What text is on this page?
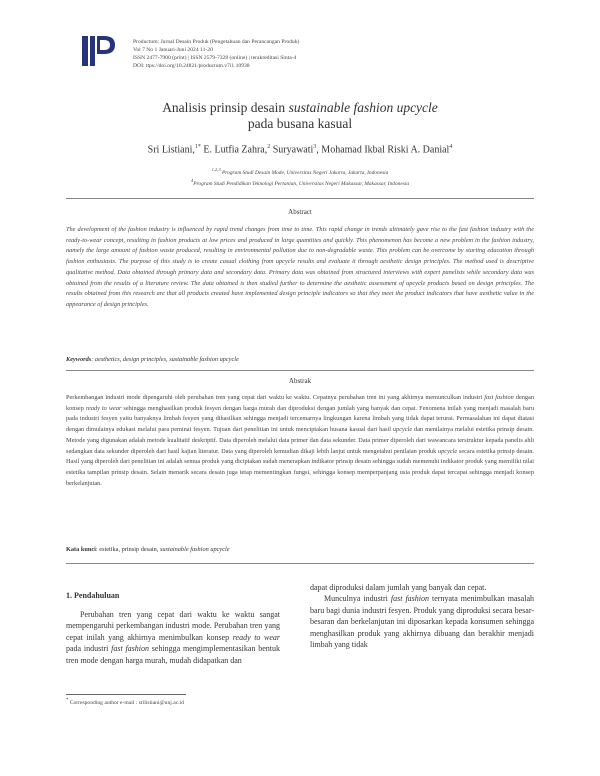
Productum: Jurnal Desain Produk (Pengetahuan dan Perancangan Produk)
Vol 7 No 1 Januari-Juni 2024 11-20
ISSN 2477-7900 (print) | ISSN 2579-7328 (online) | terakreditasi Sinta-4
DOI: ttps://doi.org/10.24821/productum.v7i1.10938
Analisis prinsip desain sustainable fashion upcycle
pada busana kasual
Sri Listiani,$^{1*}$ E. Lutfia Zahra,$^2$ Suryawati$^3$, Mohamad Ikbal Riski A. Danial$^4$
$^{1,2,3}$ Program Studi Desain Mode, Universitas Negeri Jakarta, Jakarta, Indonesia
$^4$Program Studi Pendidikan Teknologi Pertanian, Universitas Negeri Makassar, Makassar, Indonesia
Abstract

The development of the fashion industry is influenced by rapid trend changes from time to time. This rapid change in trends ultimately gave rise to the fast fashion industry with the ready-to-wear concept, resulting in fashion products at low prices and produced in large quantities and quickly. This phenomenon has become a new problem in the fashion industry, namely the large amount of fashion waste produced, resulting in environmental pollution due to non-degradable waste. This problem can be overcome by starting education through fashion enthusiasts. The purpose of this study is to create casual clothing from upcycle results and evaluate it through aesthetic design principles. The method used is descriptive qualitative method. Data obtained through primary data and secondary data. Primary data was obtained from structured interviews with expert panelists while secondary data was obtained from the results of a literature review. The data obtained is then studied further to determine the aesthetic assessment of upcycle products based on design principles. The results obtained from this research are that all products created have implemented design principle indicators so that they meet the product indicators that have aesthetic value in the appearance of design principles.

Keywords: aesthetics, design principles, sustainable fashion upcycle
Abstrak

Perkembangan industri mode dipengaruhi oleh perubahan tren yang cepat dari waktu ke waktu. Cepatnya perubahan tren ini yang akhirnya memunculkan industri fast fashion dengan konsep ready to wear sehingga menghasilkan produk fesyen dengan harga murah dan diproduksi dengan jumlah yang banyak dan cepat. Fenomena inilah yang menjadi masalah baru pada industri fesyen yaitu banyaknya limbah fesyen yang dihasilkan sehingga menjadi tercemarnya lingkungan karena limbah yang tidak dapat terurai. Permasalahan ini dapat diatasi dengan dimulainya edukasi melalui para peminat fesyen. Tujuan dari penelitian ini untuk menciptakan busana kasual dari hasil upcycle dan menilainya melalui estetika prinsip desain. Metode yang digunakan adalah metode kualitatif deskriptif. Data diperoleh melalui data primer dan data sekunder. Data primer diperoleh dari wawancara terstruktur kepada panelis ahli sedangkan data sekunder diperoleh dari hasil kajian literatur. Data yang diperoleh kemudian dikaji lebih lanjut untuk mengetahui penilaian produk upcycle secara estetika prinsip desain. Hasil yang diperoleh dari penelitian ini adalah semua produk yang diciptakan sudah menerapkan indikator prinsip desain sehingga sudah memenuhi indikator produk yang memiliki nilai estetika tampilan prinsip desain. Selain menarik secara desain juga tetap mementingkan fungsi, sehingga konsep memperpanjang usia produk dapat tercapai sehingga menjadi konsep berkelanjutan.

Kata kunci: estetika, prinsip desain, sustainable fashion upcycle
1. Pendahuluan

Perubahan tren yang cepat dari waktu ke waktu sangat mempengaruhi perkembangan industri mode. Perubahan tren yang cepat inilah yang akhirnya menimbulkan konsep ready to wear pada industri fast fashion sehingga mengimplementasikan bentuk tren mode dengan harga murah, mudah didapatkan dan

dapat diproduksi dalam jumlah yang banyak dan cepat.

Munculnya industri fast fashion ternyata menimbulkan masalah baru bagi dunia industri fesyen. Produk yang diproduksi secara besar-besaran dan berkelanjutan ini diposarkan kepada konsumen sehingga menghasilkan produk yang akhirnya dibuang dan berakhir menjadi limbah yang tidak

* Corresponding author e-mail : srilistiani@unj.ac.id
